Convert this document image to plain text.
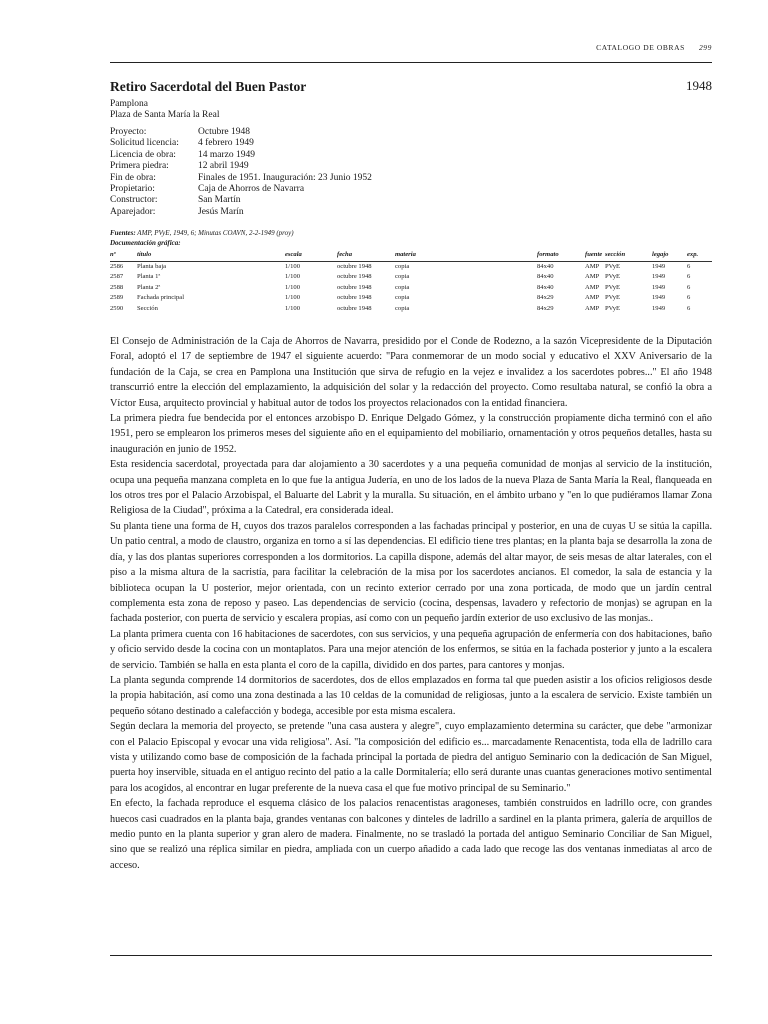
CATALOGO DE OBRAS 299
Retiro Sacerdotal del Buen Pastor	1948
Pamplona
Plaza de Santa María la Real
Proyecto:	Octubre 1948
Solicitud licencia:	4 febrero 1949
Licencia de obra:	14 marzo 1949
Primera piedra:	12 abril 1949
Fin de obra:	Finales de 1951. Inauguración: 23 Junio 1952
Propietario:	Caja de Ahorros de Navarra
Constructor:	San Martín
Aparejador:	Jesús Marín
Fuentes: AMP, PVyE, 1949, 6; Minutas COAVN, 2-2-1949 (proy)
Documentación gráfica:
nº	título	escala	fecha	materia	formato	fuente	sección	legajo	exp.
2586	Planta baja	1/100	octubre 1948	copia	84x40	AMP	PVyE	1949	6
2587	Planta 1ª	1/100	octubre 1948	copia	84x40	AMP	PVyE	1949	6
2588	Planta 2ª	1/100	octubre 1948	copia	84x40	AMP	PVyE	1949	6
2589	Fachada principal	1/100	octubre 1948	copia	84x29	AMP	PVyE	1949	6
2590	Sección	1/100	octubre 1948	copia	84x29	AMP	PVyE	1949	6

El Consejo de Administración de la Caja de Ahorros de Navarra, presidido por el Conde de Rodezno, a la sazón Vicepresidente de la Diputación Foral, adoptó el 17 de septiembre de 1947 el siguiente acuerdo: "Para conmemorar de un modo social y educativo el XXV Aniversario de la fundación de la Caja, se crea en Pamplona una Institución que sirva de refugio en la vejez e invalidez a los sacerdotes pobres..." El año 1948 transcurrió entre la elección del emplazamiento, la adquisición del solar y la redacción del proyecto. Como resultaba natural, se confió la obra a Víctor Eusa, arquitecto provincial y habitual autor de todos los proyectos relacionados con la entidad financiera.

La primera piedra fue bendecida por el entonces arzobispo D. Enrique Delgado Gómez, y la construcción propiamente dicha terminó con el año 1951, pero se emplearon los primeros meses del siguiente año en el equipamiento del mobiliario, ornamentación y otros pequeños detalles, hasta su inauguración en junio de 1952.

Esta residencia sacerdotal, proyectada para dar alojamiento a 30 sacerdotes y a una pequeña comunidad de monjas al servicio de la institución, ocupa una pequeña manzana completa en lo que fue la antigua Judería, en uno de los lados de la nueva Plaza de Santa María la Real, flanqueada en los otros tres por el Palacio Arzobispal, el Baluarte del Labrit y la muralla. Su situación, en el ámbito urbano y "en lo que pudiéramos llamar Zona Religiosa de la Ciudad", próxima a la Catedral, era considerada ideal.

Su planta tiene una forma de H, cuyos dos trazos paralelos corresponden a las fachadas principal y posterior, en una de cuyas U se sitúa la capilla. Un patio central, a modo de claustro, organiza en torno a sí las dependencias. El edificio tiene tres plantas; en la planta baja se desarrolla la zona de día, y las dos plantas superiores corresponden a los dormitorios. La capilla dispone, además del altar mayor, de seis mesas de altar laterales, con el piso a la misma altura de la sacristía, para facilitar la celebración de la misa por los sacerdotes ancianos. El comedor, la sala de estancia y la biblioteca ocupan la U posterior, mejor orientada, con un recinto exterior cerrado por una zona porticada, de modo que un jardín central complementa esta zona de reposo y paseo. Las dependencias de servicio (cocina, despensas, lavadero y refectorio de monjas) se agrupan en la fachada posterior, con puerta de servicio y escalera propias, así como con un pequeño jardín exterior de uso exclusivo de las monjas..

La planta primera cuenta con 16 habitaciones de sacerdotes, con sus servicios, y una pequeña agrupación de enfermería con dos habitaciones, baño y oficio servido desde la cocina con un montaplatos. Para una mejor atención de los enfermos, se sitúa en la fachada posterior y junto a la escalera de servicio. También se halla en esta planta el coro de la capilla, dividido en dos partes, para cantores y monjas.

La planta segunda comprende 14 dormitorios de sacerdotes, dos de ellos emplazados en forma tal que pueden asistir a los oficios religiosos desde la propia habitación, así como una zona destinada a las 10 celdas de la comunidad de religiosas, junto a la escalera de servicio. Existe también un pequeño sótano destinado a calefacción y bodega, accesible por esta misma escalera.

Según declara la memoria del proyecto, se pretende "una casa austera y alegre", cuyo emplazamiento determina su carácter, que debe "armonizar con el Palacio Episcopal y evocar una vida religiosa". Así. "la composición del edificio es... marcadamente Renacentista, toda ella de ladrillo cara vista y utilizando como base de composición de la fachada principal la portada de piedra del antiguo Seminario con la dedicación de San Miguel, puerta hoy inservible, situada en el antiguo recinto del patio a la calle Dormitalería; ello será durante unas cuantas generaciones motivo sentimental para los acogidos, al encontrar en lugar preferente de la nueva casa el que fue motivo principal de su Seminario."

En efecto, la fachada reproduce el esquema clásico de los palacios renacentistas aragoneses, también construidos en ladrillo ocre, con grandes huecos casi cuadrados en la planta baja, grandes ventanas con balcones y dinteles de ladrillo a sardinel en la planta primera, galería de arquillos de medio punto en la planta superior y gran alero de madera. Finalmente, no se trasladó la portada del antiguo Seminario Conciliar de San Miguel, sino que se realizó una réplica similar en piedra, ampliada con un cuerpo añadido a cada lado que recoge las dos ventanas inmediatas al arco de acceso.
